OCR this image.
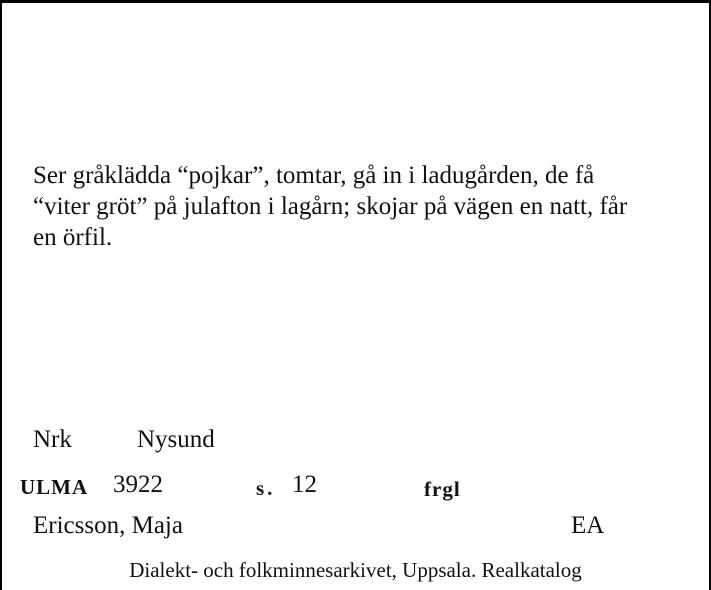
Ser gråklädda “pojkar”, tomtar, gå in i ladugården, de få
“viter gröt” på julafton i lagårn; skojar på vägen en natt, får
en örfil.

Nrk	Nysund
ULMA 3922	s. 12	frgl
Ericsson, Maja	EA
Dialekt- och folkminnesarkivet, Uppsala. Realkatalog
